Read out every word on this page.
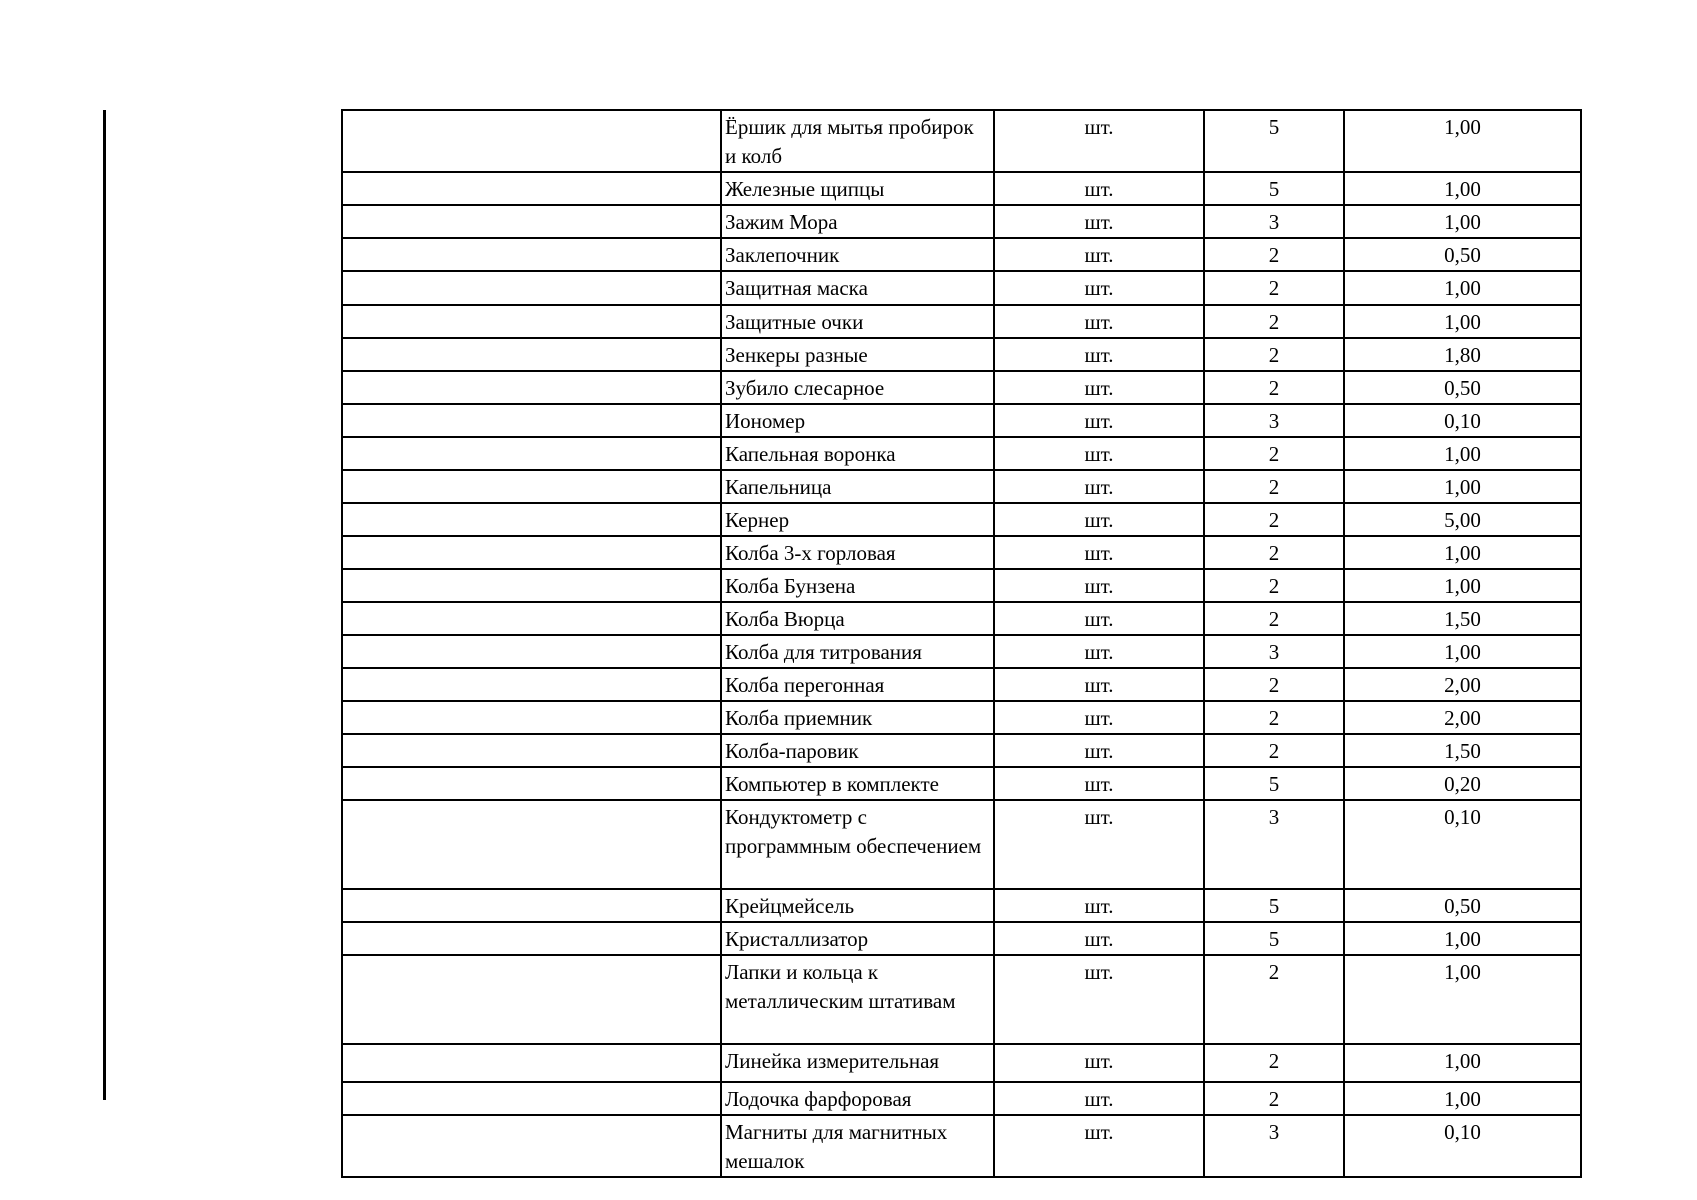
	Ёршик для мытья пробирок и колб	шт.	5	1,00
	Железные щипцы	шт.	5	1,00
	Зажим Мора	шт.	3	1,00
	Заклепочник	шт.	2	0,50
	Защитная маска	шт.	2	1,00
	Защитные очки	шт.	2	1,00
	Зенкеры разные	шт.	2	1,80
	Зубило слесарное	шт.	2	0,50
	Иономер	шт.	3	0,10
	Капельная воронка	шт.	2	1,00
	Капельница	шт.	2	1,00
	Кернер	шт.	2	5,00
	Колба 3-х горловая	шт.	2	1,00
	Колба Бунзена	шт.	2	1,00
	Колба Вюрца	шт.	2	1,50
	Колба для титрования	шт.	3	1,00
	Колба перегонная	шт.	2	2,00
	Колба приемник	шт.	2	2,00
	Колба-паровик	шт.	2	1,50
	Компьютер в комплекте	шт.	5	0,20
	Кондуктометр с программным обеспечением	шт.	3	0,10
	Крейцмейсель	шт.	5	0,50
	Кристаллизатор	шт.	5	1,00
	Лапки и кольца к металлическим штативам	шт.	2	1,00
	Линейка измерительная	шт.	2	1,00
	Лодочка фарфоровая	шт.	2	1,00
	Магниты для магнитных мешалок	шт.	3	0,10
